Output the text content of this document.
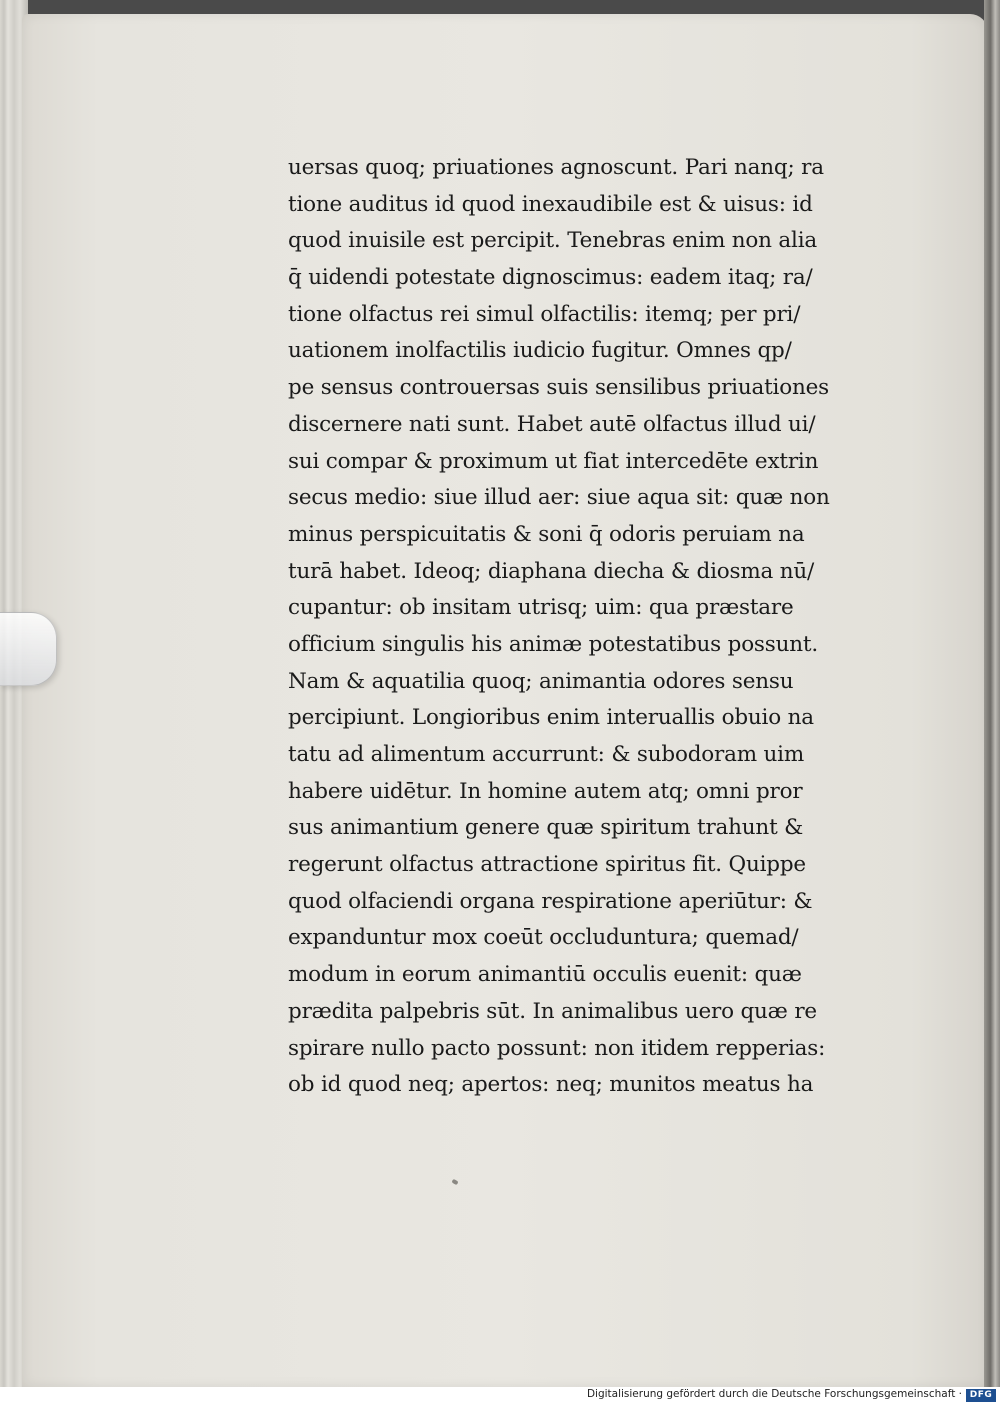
uersas quoq; priuationes agnoscunt. Pari nanq; ra
tione auditus id quod inexaudibile est & uisus: id
quod inuisile est percipit. Tenebras enim non alia
q̄ uidendi potestate dignoscimus: eadem itaq; ra/
tione olfactus rei simul olfactilis: itemq; per pri/
uationem inolfactilis iudicio fugitur. Omnes qp/
pe sensus controuersas suis sensilibus priuationes
discernere nati sunt. Habet autē olfactus illud ui/
sui compar & proximum ut fiat intercedēte extrin
secus medio: siue illud aer: siue aqua sit: quæ non
minus perspicuitatis & soni q̄ odoris peruiam na
turā habet. Ideoq; diaphana diecha & diosma nū/
cupantur: ob insitam utrisq; uim: qua præstare
officium singulis his animæ potestatibus possunt.
Nam & aquatilia quoq; animantia odores sensu
percipiunt. Longioribus enim interuallis obuio na
tatu ad alimentum accurrunt: & subodoram uim
habere uidētur. In homine autem atq; omni pror
sus animantium genere quæ spiritum trahunt &
regerunt olfactus attractione spiritus fit. Quippe
quod olfaciendi organa respiratione aperiūtur: &
expanduntur mox coeūt occluduntura; quemad/
modum in eorum animantiū occulis euenit: quæ
prædita palpebris sūt. In animalibus uero quæ re
spirare nullo pacto possunt: non itidem repperias:
ob id quod neq; apertos: neq; munitos meatus ha
Digitalisierung gefördert durch die Deutsche Forschungsgemeinschaft · DFG
